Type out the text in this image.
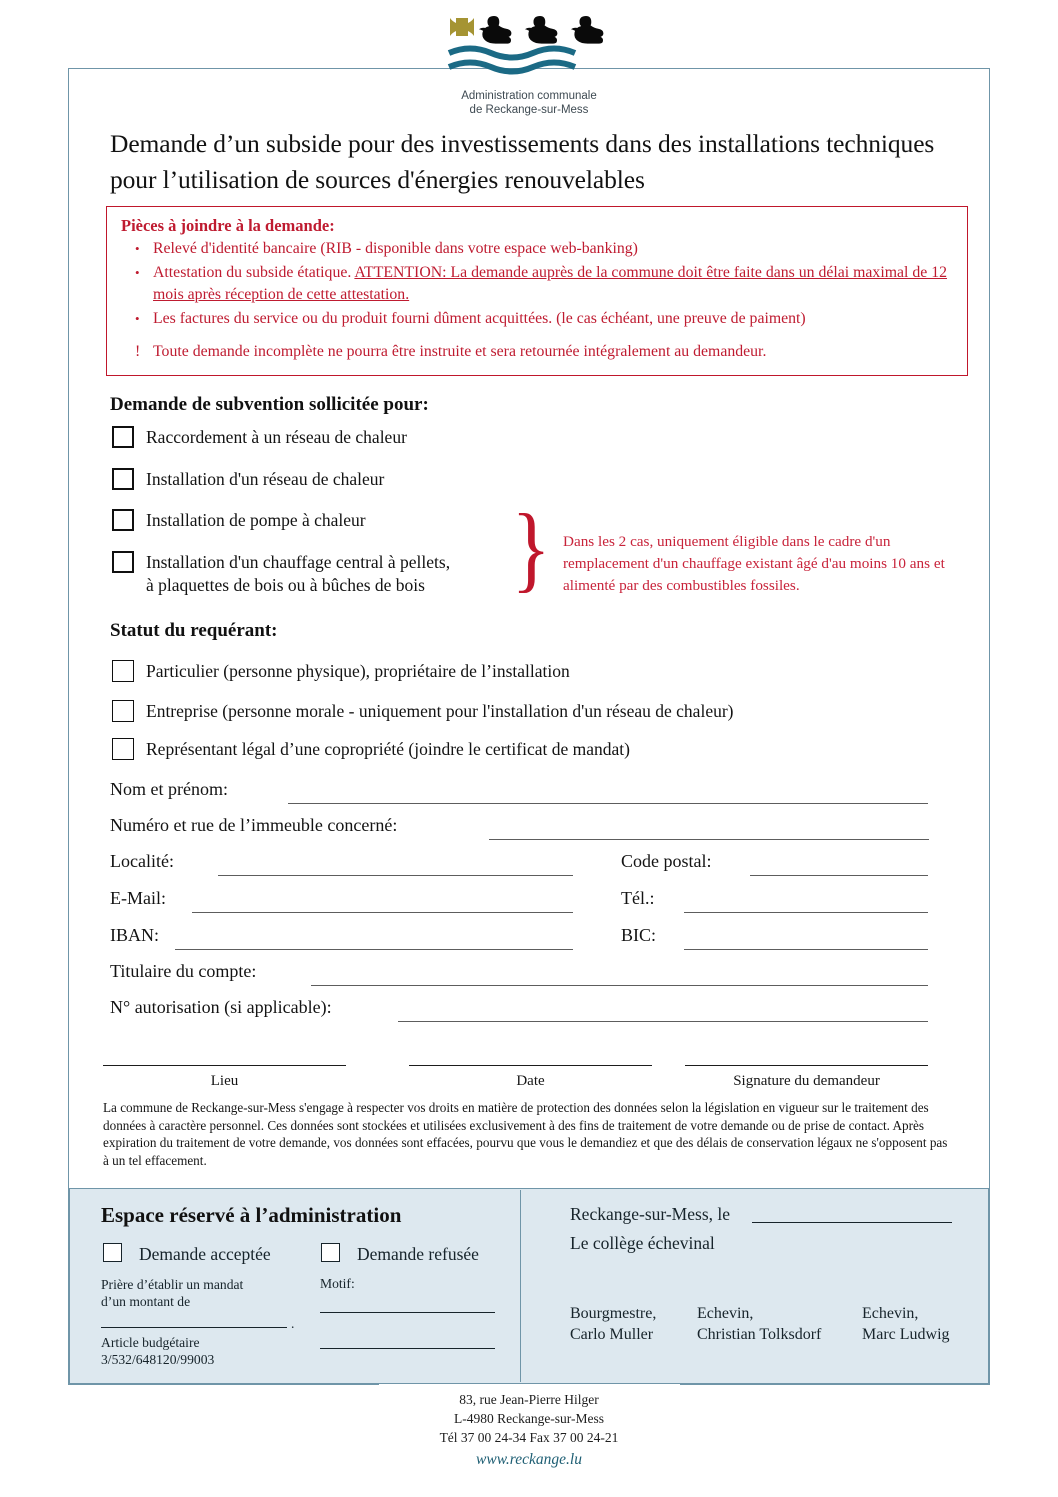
Administration communale
de Reckange-sur-Mess
Demande d’un subside pour des investissements dans des installations techniques pour l’utilisation de sources d'énergies renouvelables
Pièces à joindre à la demande:
• Relevé d'identité bancaire (RIB - disponible dans votre espace web-banking)
• Attestation du subside étatique. ATTENTION: La demande auprès de la commune doit être faite dans un délai maximal de 12 mois après réception de cette attestation.
• Les factures du service ou du produit fourni dûment acquittées. (le cas échéant, une preuve de paiment)
! Toute demande incomplète ne pourra être instruite et sera retournée intégralement au demandeur.
Demande de subvention sollicitée pour:
Raccordement à un réseau de chaleur
Installation d'un réseau de chaleur
Installation de pompe à chaleur
Installation d'un chauffage central à pellets,
à plaquettes de bois ou à bûches de bois } Dans les 2 cas, uniquement éligible dans le cadre d'un remplacement d'un chauffage existant âgé d'au moins 10 ans et alimenté par des combustibles fossiles.
Statut du requérant:
Particulier (personne physique), propriétaire de l’installation
Entreprise (personne morale - uniquement pour l'installation d'un réseau de chaleur)
Représentant légal d’une copropriété (joindre le certificat de mandat)
Nom et prénom:
Numéro et rue de l’immeuble concerné:
Localité:	Code postal:
E-Mail:	Tél.:
IBAN:	BIC:
Titulaire du compte:
N° autorisation (si applicable):
Lieu	Date	Signature du demandeur
La commune de Reckange-sur-Mess s'engage à respecter vos droits en matière de protection des données selon la législation en vigueur sur le traitement des données à caractère personnel. Ces données sont stockées et utilisées exclusivement à des fins de traitement de votre demande ou de prise de contact. Après expiration du traitement de votre demande, vos données sont effacées, pourvu que vous le demandiez et que des délais de conservation légaux ne s'opposent pas à un tel effacement.
Espace réservé à l’administration
Demande acceptée	Demande refusée
Prière d’établir un mandat
d’un montant de
.
Article budgétaire
3/532/648120/99003
Motif:
Reckange-sur-Mess, le
Le collège échevinal
Bourgmestre,
Carlo Muller
Echevin,
Christian Tolksdorf
Echevin,
Marc Ludwig
83, rue Jean-Pierre Hilger
L-4980 Reckange-sur-Mess
Tél 37 00 24-34 Fax 37 00 24-21
www.reckange.lu
